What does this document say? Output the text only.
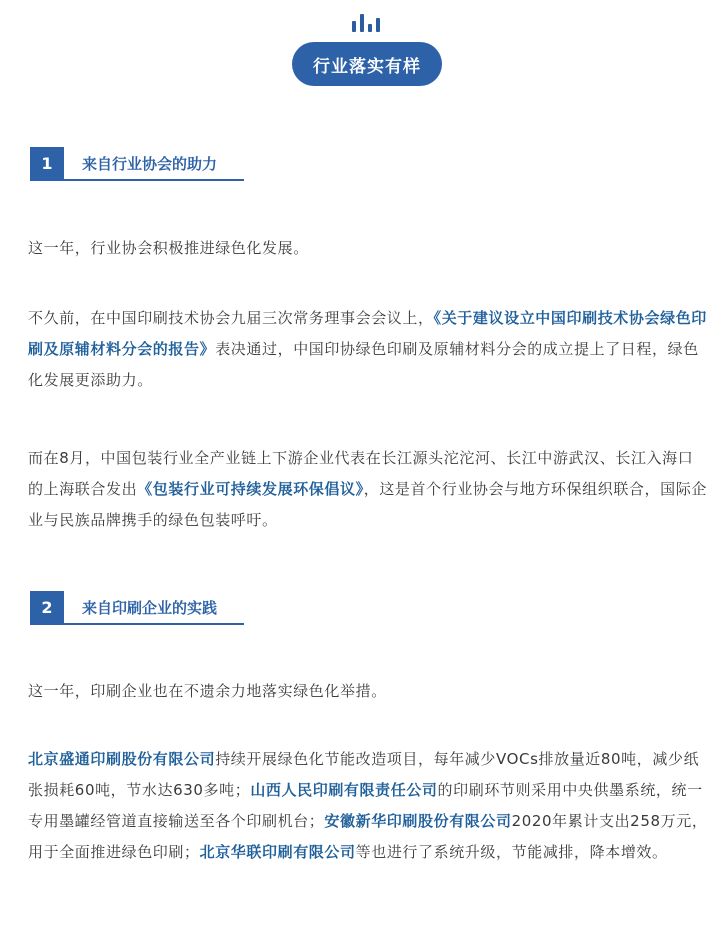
行业落实有样
1	来自行业协会的助力

这一年，行业协会积极推进绿色化发展。

不久前，在中国印刷技术协会九届三次常务理事会会议上，《关于建议设立中国印刷技术协会绿色印刷及原辅材料分会的报告》表决通过，中国印协绿色印刷及原辅材料分会的成立提上了日程，绿色化发展更添助力。

而在8月，中国包装行业全产业链上下游企业代表在长江源头沱沱河、长江中游武汉、长江入海口的上海联合发出《包装行业可持续发展环保倡议》，这是首个行业协会与地方环保组织联合，国际企业与民族品牌携手的绿色包装呼吁。

2	来自印刷企业的实践

这一年，印刷企业也在不遗余力地落实绿色化举措。

北京盛通印刷股份有限公司持续开展绿色化节能改造项目，每年减少VOCs排放量近80吨，减少纸张损耗60吨，节水达630多吨；山西人民印刷有限责任公司的印刷环节则采用中央供墨系统，统一专用墨罐经管道直接输送至各个印刷机台；安徽新华印刷股份有限公司2020年累计支出258万元，用于全面推进绿色印刷；北京华联印刷有限公司等也进行了系统升级，节能减排，降本增效。
